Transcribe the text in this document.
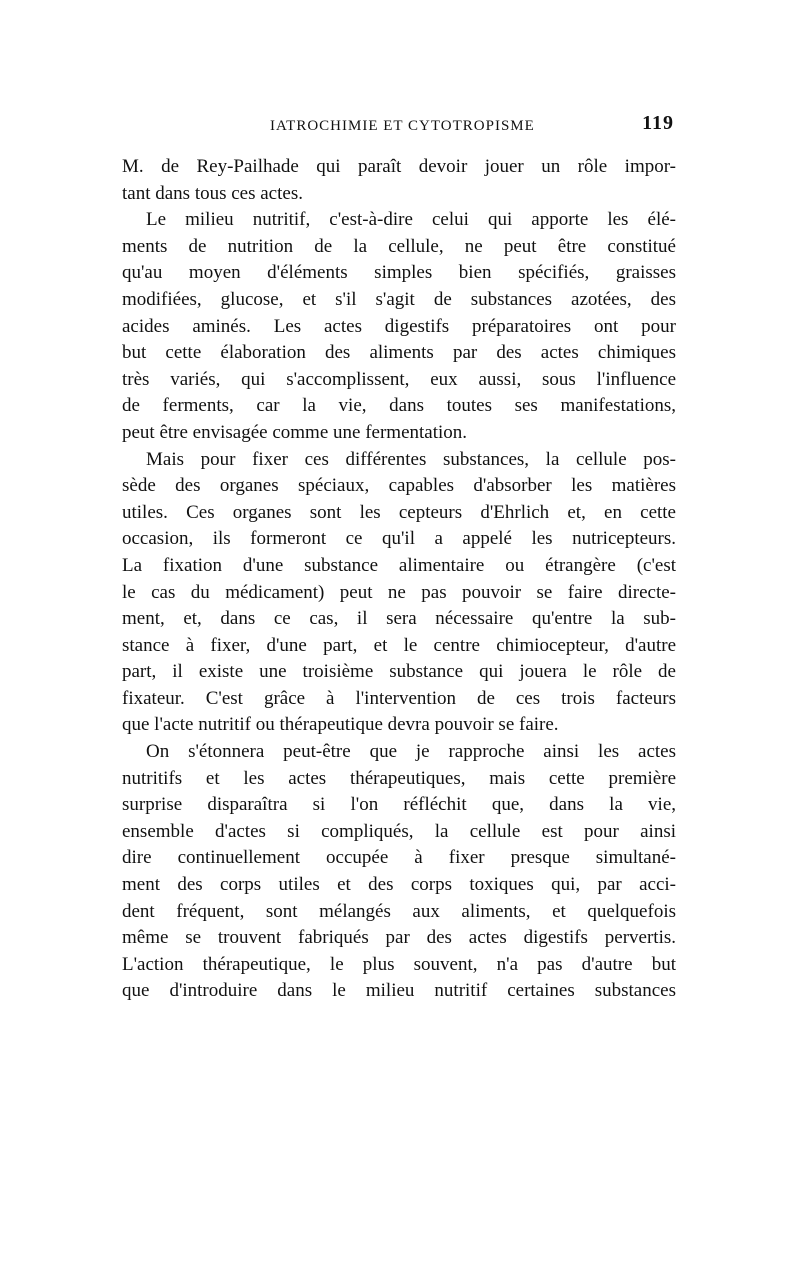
IATROCHIMIE ET CYTOTROPISME	119
M. de Rey-Pailhade qui paraît devoir jouer un rôle impor-
tant dans tous ces actes.
Le milieu nutritif, c'est-à-dire celui qui apporte les élé-
ments de nutrition de la cellule, ne peut être constitué
qu'au moyen d'éléments simples bien spécifiés, graisses
modifiées, glucose, et s'il s'agit de substances azotées, des
acides aminés. Les actes digestifs préparatoires ont pour
but cette élaboration des aliments par des actes chimiques
très variés, qui s'accomplissent, eux aussi, sous l'influence
de ferments, car la vie, dans toutes ses manifestations,
peut être envisagée comme une fermentation.
Mais pour fixer ces différentes substances, la cellule pos-
sède des organes spéciaux, capables d'absorber les matières
utiles. Ces organes sont les cepteurs d'Ehrlich et, en cette
occasion, ils formeront ce qu'il a appelé les nutricepteurs.
La fixation d'une substance alimentaire ou étrangère (c'est
le cas du médicament) peut ne pas pouvoir se faire directe-
ment, et, dans ce cas, il sera nécessaire qu'entre la sub-
stance à fixer, d'une part, et le centre chimiocepteur, d'autre
part, il existe une troisième substance qui jouera le rôle de
fixateur. C'est grâce à l'intervention de ces trois facteurs
que l'acte nutritif ou thérapeutique devra pouvoir se faire.
On s'étonnera peut-être que je rapproche ainsi les actes
nutritifs et les actes thérapeutiques, mais cette première
surprise disparaîtra si l'on réfléchit que, dans la vie,
ensemble d'actes si compliqués, la cellule est pour ainsi
dire continuellement occupée à fixer presque simultané-
ment des corps utiles et des corps toxiques qui, par acci-
dent fréquent, sont mélangés aux aliments, et quelquefois
même se trouvent fabriqués par des actes digestifs pervertis.
L'action thérapeutique, le plus souvent, n'a pas d'autre but
que d'introduire dans le milieu nutritif certaines substances
